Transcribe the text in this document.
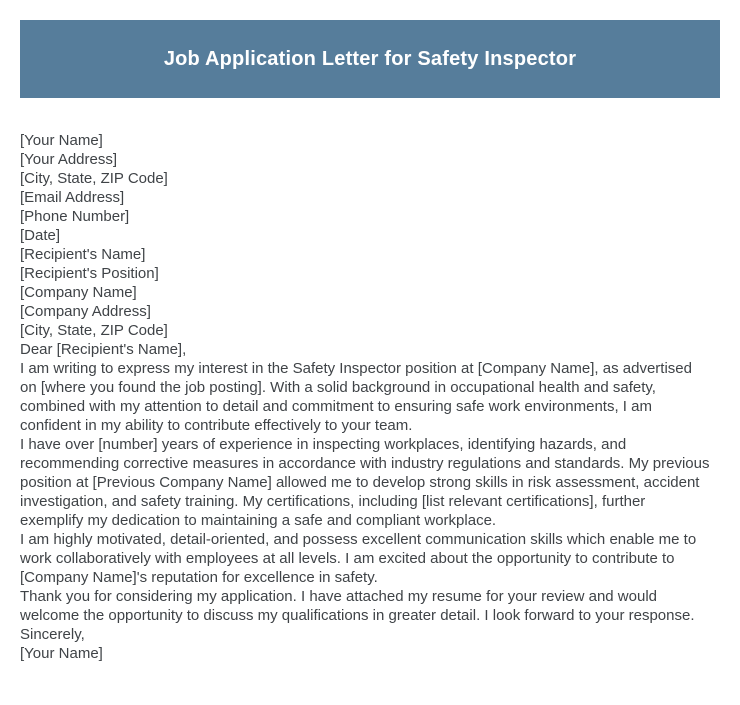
Job Application Letter for Safety Inspector
[Your Name]
[Your Address]
[City, State, ZIP Code]
[Email Address]
[Phone Number]
[Date]
[Recipient's Name]
[Recipient's Position]
[Company Name]
[Company Address]
[City, State, ZIP Code]
Dear [Recipient's Name],

I am writing to express my interest in the Safety Inspector position at [Company Name], as advertised on [where you found the job posting]. With a solid background in occupational health and safety, combined with my attention to detail and commitment to ensuring safe work environments, I am confident in my ability to contribute effectively to your team.

I have over [number] years of experience in inspecting workplaces, identifying hazards, and recommending corrective measures in accordance with industry regulations and standards. My previous position at [Previous Company Name] allowed me to develop strong skills in risk assessment, accident investigation, and safety training. My certifications, including [list relevant certifications], further exemplify my dedication to maintaining a safe and compliant workplace.

I am highly motivated, detail-oriented, and possess excellent communication skills which enable me to work collaboratively with employees at all levels. I am excited about the opportunity to contribute to [Company Name]'s reputation for excellence in safety.

Thank you for considering my application. I have attached my resume for your review and would welcome the opportunity to discuss my qualifications in greater detail. I look forward to your response.

Sincerely,
[Your Name]
